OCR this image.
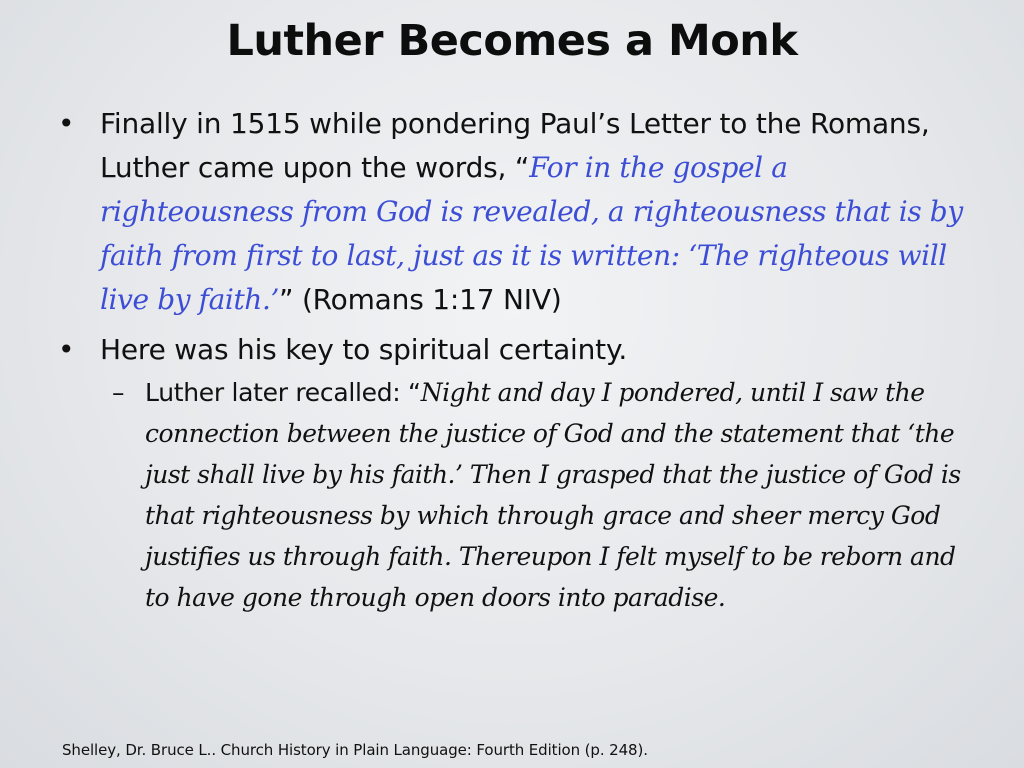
Luther Becomes a Monk

• Finally in 1515 while pondering Paul’s Letter to the Romans, Luther came upon the words, “For in the gospel a righteousness from God is revealed, a righteousness that is by faith from first to last, just as it is written: ‘The righteous will live by faith.’” (Romans 1:17 NIV)

• Here was his key to spiritual certainty.

– Luther later recalled: “Night and day I pondered, until I saw the connection between the justice of God and the statement that ‘the just shall live by his faith.’ Then I grasped that the justice of God is that righteousness by which through grace and sheer mercy God justifies us through faith. Thereupon I felt myself to be reborn and to have gone through open doors into paradise.

Shelley, Dr. Bruce L.. Church History in Plain Language: Fourth Edition (p. 248).
